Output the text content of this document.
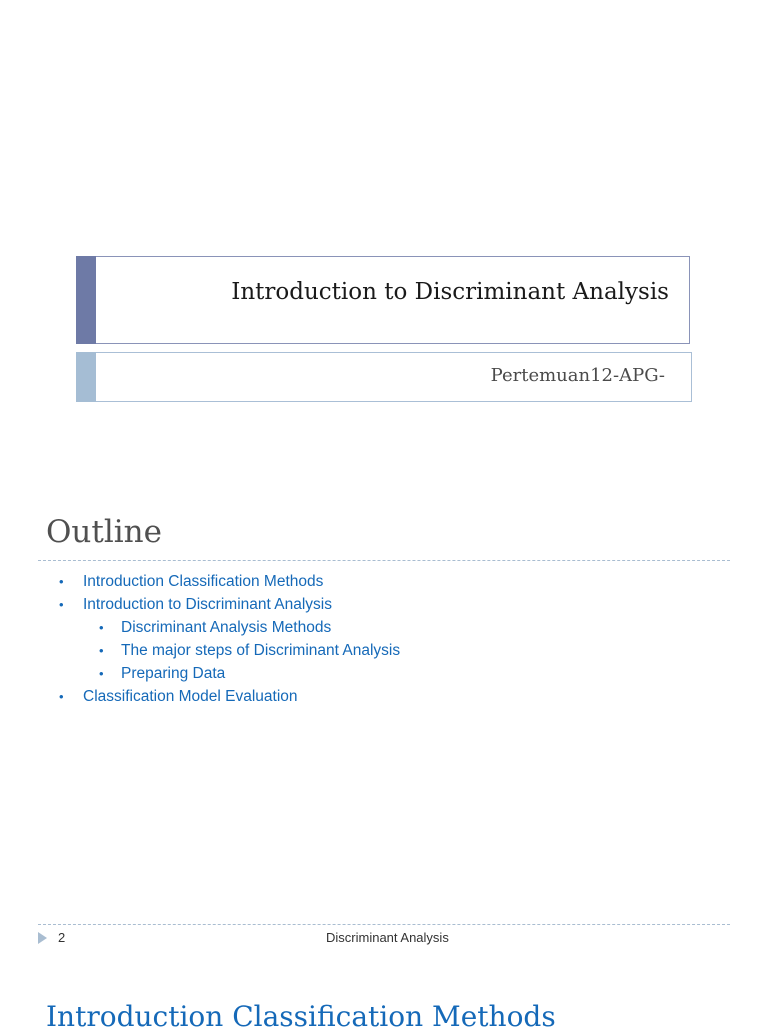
Introduction to Discriminant Analysis
Pertemuan12-APG-
Outline
• Introduction Classification Methods
• Introduction to Discriminant Analysis
• Discriminant Analysis Methods
• The major steps of Discriminant Analysis
• Preparing Data
• Classification Model Evaluation
2	Discriminant Analysis
Introduction Classification Methods
